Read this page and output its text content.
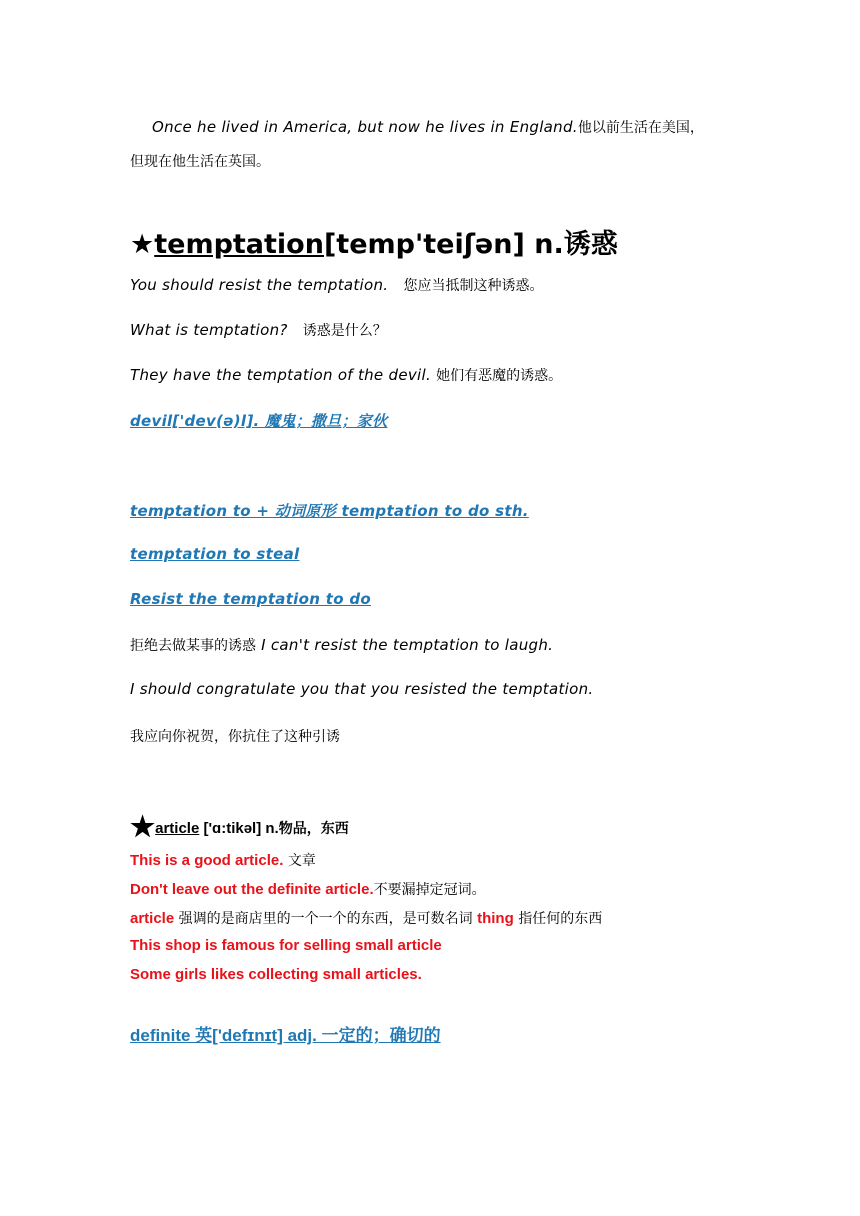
Once he lived in America, but now he lives in England.他以前生活在美国，
但现在他生活在英国。
★temptation[temp'teiʃən] n.诱惑
You should resist the temptation. 您应当抵制这种诱惑。
What is temptation? 诱惑是什么？
They have the temptation of the devil. 她们有恶魔的诱惑。
devil['dev(ə)l]. 魔鬼；撒旦；家伙
temptation to + 动词原形 temptation to do sth.
temptation to steal
Resist the temptation to do
拒绝去做某事的诱惑 I can't resist the temptation to laugh.
I should congratulate you that you resisted the temptation.
我应向你祝贺，你抗住了这种引诱
★article ['ɑ:tikəl] n.物品，东西
This is a good article. 文章
Don't leave out the definite article.不要漏掉定冠词。
article 强调的是商店里的一个一个的东西，是可数名词 thing 指任何的东西
This shop is famous for selling small article
Some girls likes collecting small articles.
definite 英['defɪnɪt] adj. 一定的；确切的
